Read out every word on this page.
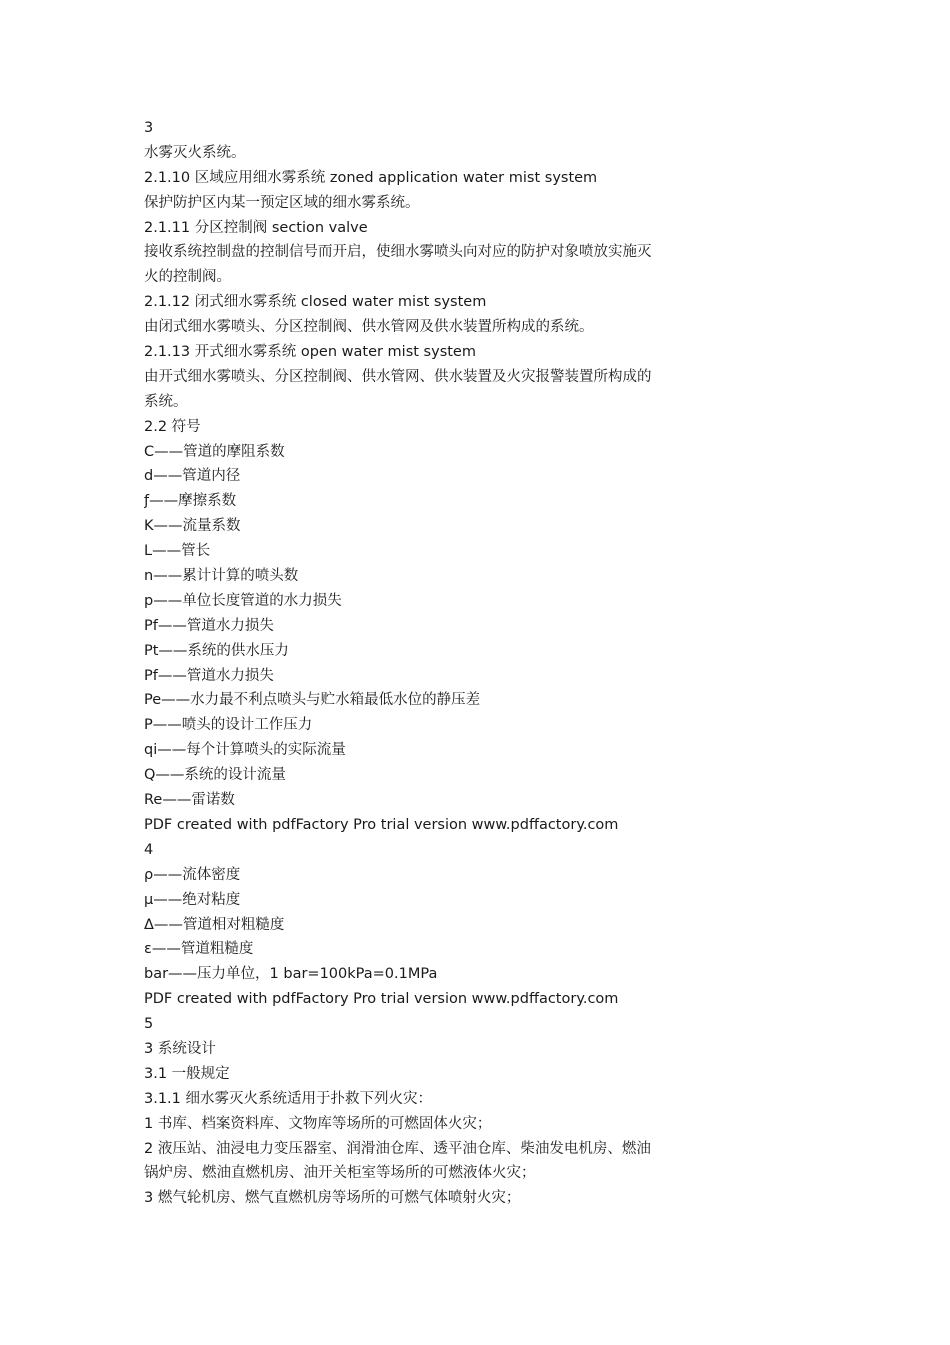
3
水雾灭火系统。
2.1.10 区域应用细水雾系统 zoned application water mist system
保护防护区内某一预定区域的细水雾系统。
2.1.11 分区控制阀 section valve
接收系统控制盘的控制信号而开启，使细水雾喷头向对应的防护对象喷放实施灭
火的控制阀。
2.1.12 闭式细水雾系统 closed water mist system
由闭式细水雾喷头、分区控制阀、供水管网及供水装置所构成的系统。
2.1.13 开式细水雾系统 open water mist system
由开式细水雾喷头、分区控制阀、供水管网、供水装置及火灾报警装置所构成的
系统。
2.2 符号
C——管道的摩阻系数
d——管道内径
ƒ——摩擦系数
K——流量系数
L——管长
n——累计计算的喷头数
p——单位长度管道的水力损失
Pf——管道水力损失
Pt——系统的供水压力
Pf——管道水力损失
Pe——水力最不利点喷头与贮水箱最低水位的静压差
P——喷头的设计工作压力
qi——每个计算喷头的实际流量
Q——系统的设计流量
Re——雷诺数
PDF created with pdfFactory Pro trial version www.pdffactory.com
4
ρ——流体密度
μ——绝对粘度
Δ——管道相对粗糙度
ε——管道粗糙度
bar——压力单位，1 bar=100kPa=0.1MPa
PDF created with pdfFactory Pro trial version www.pdffactory.com
5
3 系统设计
3.1 一般规定
3.1.1 细水雾灭火系统适用于扑救下列火灾：
1 书库、档案资料库、文物库等场所的可燃固体火灾；
2 液压站、油浸电力变压器室、润滑油仓库、透平油仓库、柴油发电机房、燃油
锅炉房、燃油直燃机房、油开关柜室等场所的可燃液体火灾；
3 燃气轮机房、燃气直燃机房等场所的可燃气体喷射火灾；
